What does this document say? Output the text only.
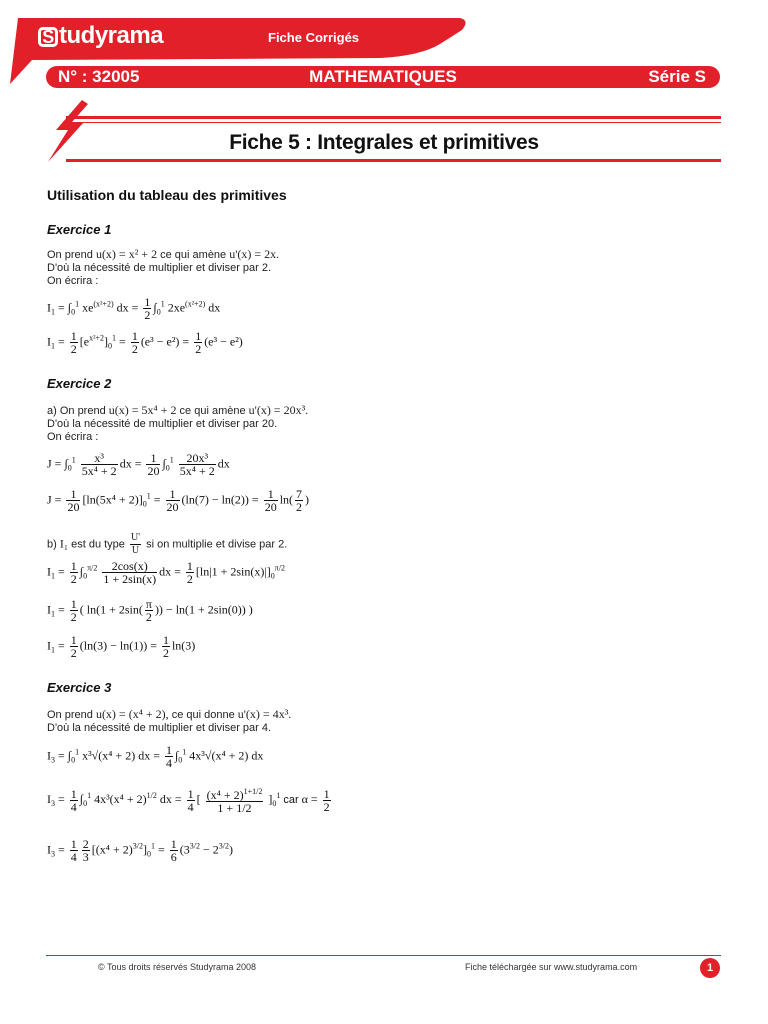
S tudyrama	Fiche Corrigés
N° : 32005	MATHEMATIQUES	Série S
Fiche 5 : Integrales et primitives
Utilisation du tableau des primitives
Exercice 1
On prend u(x) = x² + 2 ce qui amène u'(x) = 2x.
D'où la nécessité de multiplier et diviser par 2.
On écrira :
$I_1 = \int_0^1$ $xe^{(x^2+2)}$ dx = $\frac{1}{2} \int_0^1$ $2xe^{(x^2+2)}$ dx
$I_1 = \frac{1}{2} [e^{x^2+2}]_0^1 = \frac{1}{2} (e^3 - e^2) = \frac{1}{2} (e^3 - e^2)$
Exercice 2
a) On prend u(x) = 5x⁴ + 2 ce qui amène u'(x) = 20x³.
D'où la nécessité de multiplier et diviser par 20.
On écrira :
$J = \int_0^1 \frac{\text{x³}}{\text{5x⁴ + 2}}$ dx = $\frac{1}{20} \int_0^1 \frac{\text{20x³}}{\text{5x⁴ + 2}}$ dx
$J = \frac{1}{20} [\ln(5x^4 + 2)]_0^1 = \frac{1}{20} (\ln(7) - \ln(2)) = \frac{1}{20} \ln( \frac{7}{2}$ )
b) I₁ est du type $\frac{U'}{U}$ si on multiplie et divise par 2.
$I_1 = \frac{1}{2} \int_0^{\pi/2} \frac{2\cos(x)}{1 + 2\sin(x)}$ dx = $\frac{1}{2} [\ln|1 + 2\sin(x)|]_0^{\pi/2}$
$I_1 = \frac{1}{2}$ ( $\ln(1 + 2\sin( \frac{\pi}{2}$ )) − ln(1 + 2sin(0)) )
$I_1 = \frac{1}{2} (\ln(3) - \ln(1)) = \frac{1}{2} \ln(3)$
Exercice 3
On prend u(x) = (x⁴ + 2), ce qui donne u'(x) = 4x³.
D'où la nécessité de multiplier et diviser par 4.
$I_3 = \int_0^1$ x³√(x⁴ + 2) dx = $\frac{1}{4} \int_0^1$ 4x³√(x⁴ + 2) dx
$I_3 = \frac{1}{4} \int_0^1$ $4x^3(x^4 + 2)^{1/2}$ dx = $\frac{1}{4}$ [ $\frac{(x^4 + 2)^{1+1/2}}{1 + 1/2} ]_0^1$ car $\alpha = \frac{1}{2}$
$I_3 = \frac{1}{4} \frac{2}{3} [(x^4 + 2)^{3/2}]_0^1 = \frac{1}{6} (3^{3/2} - 2^{3/2})$
© Tous droits réservés Studyrama 2008	Fiche téléchargée sur www.studyrama.com	1
